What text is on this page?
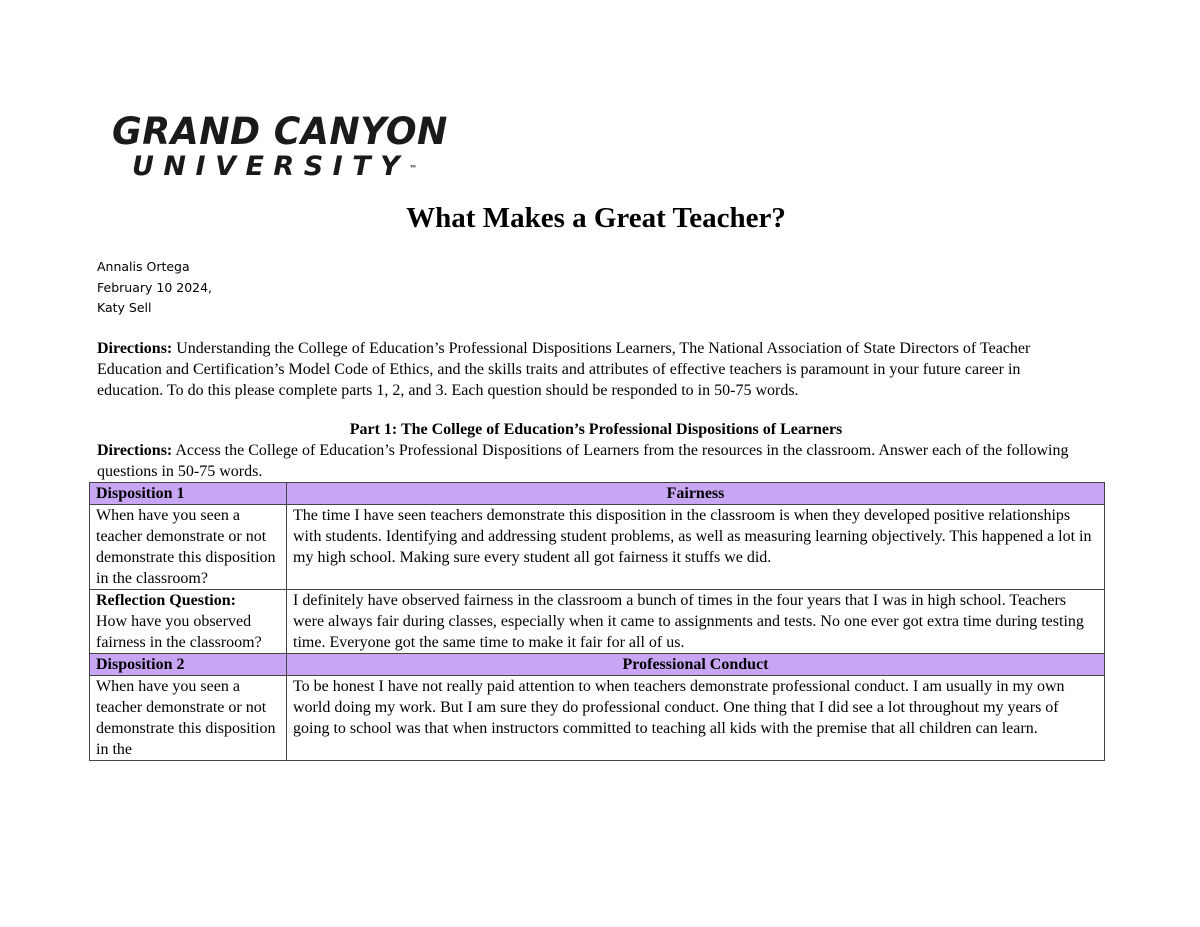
GRAND CANYON
UNIVERSITY™
What Makes a Great Teacher?
Annalis Ortega
February 10 2024,
Katy Sell
Directions: Understanding the College of Education’s Professional Dispositions Learners, The National Association of State Directors of Teacher Education and Certification’s Model Code of Ethics, and the skills traits and attributes of effective teachers is paramount in your future career in education. To do this please complete parts 1, 2, and 3. Each question should be responded to in 50-75 words.
Part 1: The College of Education’s Professional Dispositions of Learners
Directions: Access the College of Education’s Professional Dispositions of Learners from the resources in the classroom. Answer each of the following questions in 50-75 words.
Disposition 1	Fairness
When have you seen a teacher demonstrate or not demonstrate this disposition in the classroom?	The time I have seen teachers demonstrate this disposition in the classroom is when they developed positive relationships with students. Identifying and addressing student problems, as well as measuring learning objectively. This happened a lot in my high school. Making sure every student all got fairness it stuffs we did.
Reflection Question:
How have you observed fairness in the classroom?	I definitely have observed fairness in the classroom a bunch of times in the four years that I was in high school. Teachers were always fair during classes, especially when it came to assignments and tests. No one ever got extra time during testing time. Everyone got the same time to make it fair for all of us.
Disposition 2	Professional Conduct
When have you seen a teacher demonstrate or not demonstrate this disposition in the	To be honest I have not really paid attention to when teachers demonstrate professional conduct. I am usually in my own world doing my work. But I am sure they do professional conduct. One thing that I did see a lot throughout my years of going to school was that when instructors committed to teaching all kids with the premise that all children can learn.
